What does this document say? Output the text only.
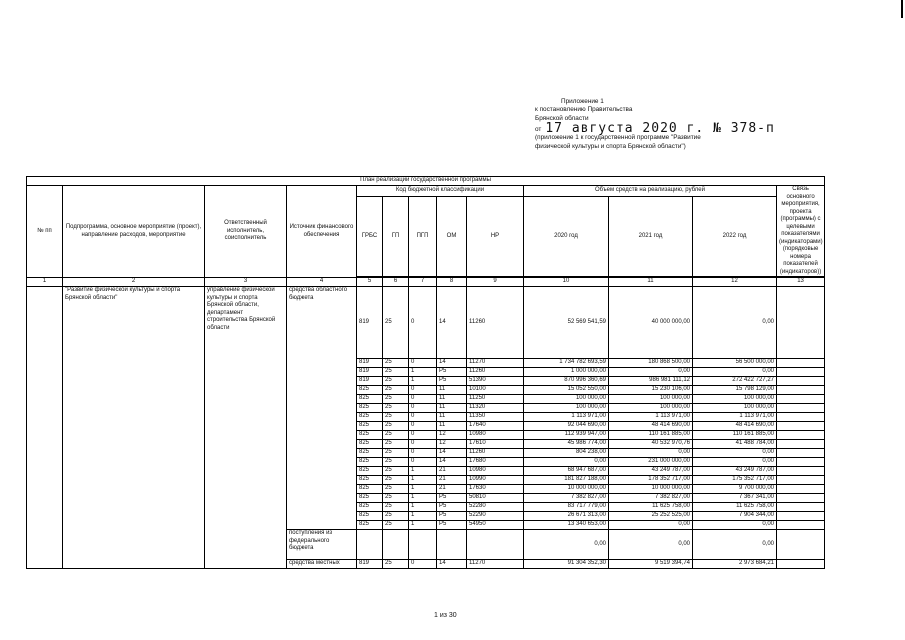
Приложение 1
к постановлению Правительства
Брянской области
от 17 августа 2020 г. № 378-п
(приложение 1 к государственной программе "Развитие
физической культуры и спорта Брянской области")
План реализации государственной программы												
№ пп	Подпрограмма, основное мероприятие (проект), направление расходов, мероприятие	Ответственный исполнитель, соисполнитель	Источник финансового обеспечения	Код бюджетной классификации					Объем средств на реализацию, рублей			Связь основного мероприятия, проекта (программы) с целевыми показателями (индикаторами) (порядковые номера показателей (индикаторов))
				ГРБС	ГП	ПГП	ОМ	НР	2020 год	2021 год	2022 год	

1	2	3	4	5	6	7	8	9	10	11	12	13
	"Развитие физической культуры и спорта Брянской области"	управление физической культуры и спорта Брянской области, департамент строительства Брянской области	средства областного бюджета	819	25	0	14	11260	52 569 541,59	40 000 000,00	0,00	
				819	25	0	14	11270	1 734 782 693,59	180 868 500,00	56 500 000,00	
				819	25	1	P5	11260	1 000 000,00	0,00	0,00	
				819	25	1	P5	51390	870 996 360,69	986 981 111,12	272 422 727,27	
				825	25	0	11	10100	15 052 550,00	15 230 106,00	15 798 129,00	
				825	25	0	11	11250	100 000,00	100 000,00	100 000,00	
				825	25	0	11	11320	100 000,00	100 000,00	100 000,00	
				825	25	0	11	11350	1 113 971,00	1 113 971,00	1 113 971,00	
				825	25	0	11	17640	92 044 690,00	48 414 690,00	48 414 690,00	
				825	25	0	12	10980	112 939 947,00	110 161 885,00	110 161 885,00	
				825	25	0	12	17610	45 986 774,00	40 532 970,76	41 488 784,00	
				825	25	0	14	11260	804 238,00	0,00	0,00	
				825	25	0	14	17680	0,00	231 000 000,00	0,00	
				825	25	1	21	10980	68 947 687,00	43 249 787,00	43 249 787,00	
				825	25	1	21	10990	181 827 188,00	178 352 717,00	175 352 717,00	
				825	25	1	21	17630	10 000 000,00	10 000 000,00	9 700 000,00	
				825	25	1	P5	50810	7 382 827,00	7 382 827,00	7 367 341,00	
				825	25	1	P5	52280	83 717 779,00	11 625 758,00	11 625 758,00	
				825	25	1	P5	52290	26 671 313,00	25 252 525,00	7 904 344,00	
				825	25	1	P5	54950	13 340 653,00	0,00	0,00	
			поступления из федерального бюджета						0,00	0,00	0,00	
			средства местных	819	25	0	14	11270	91 304 352,30	9 519 394,74	2 973 684,21	
1 из 30
